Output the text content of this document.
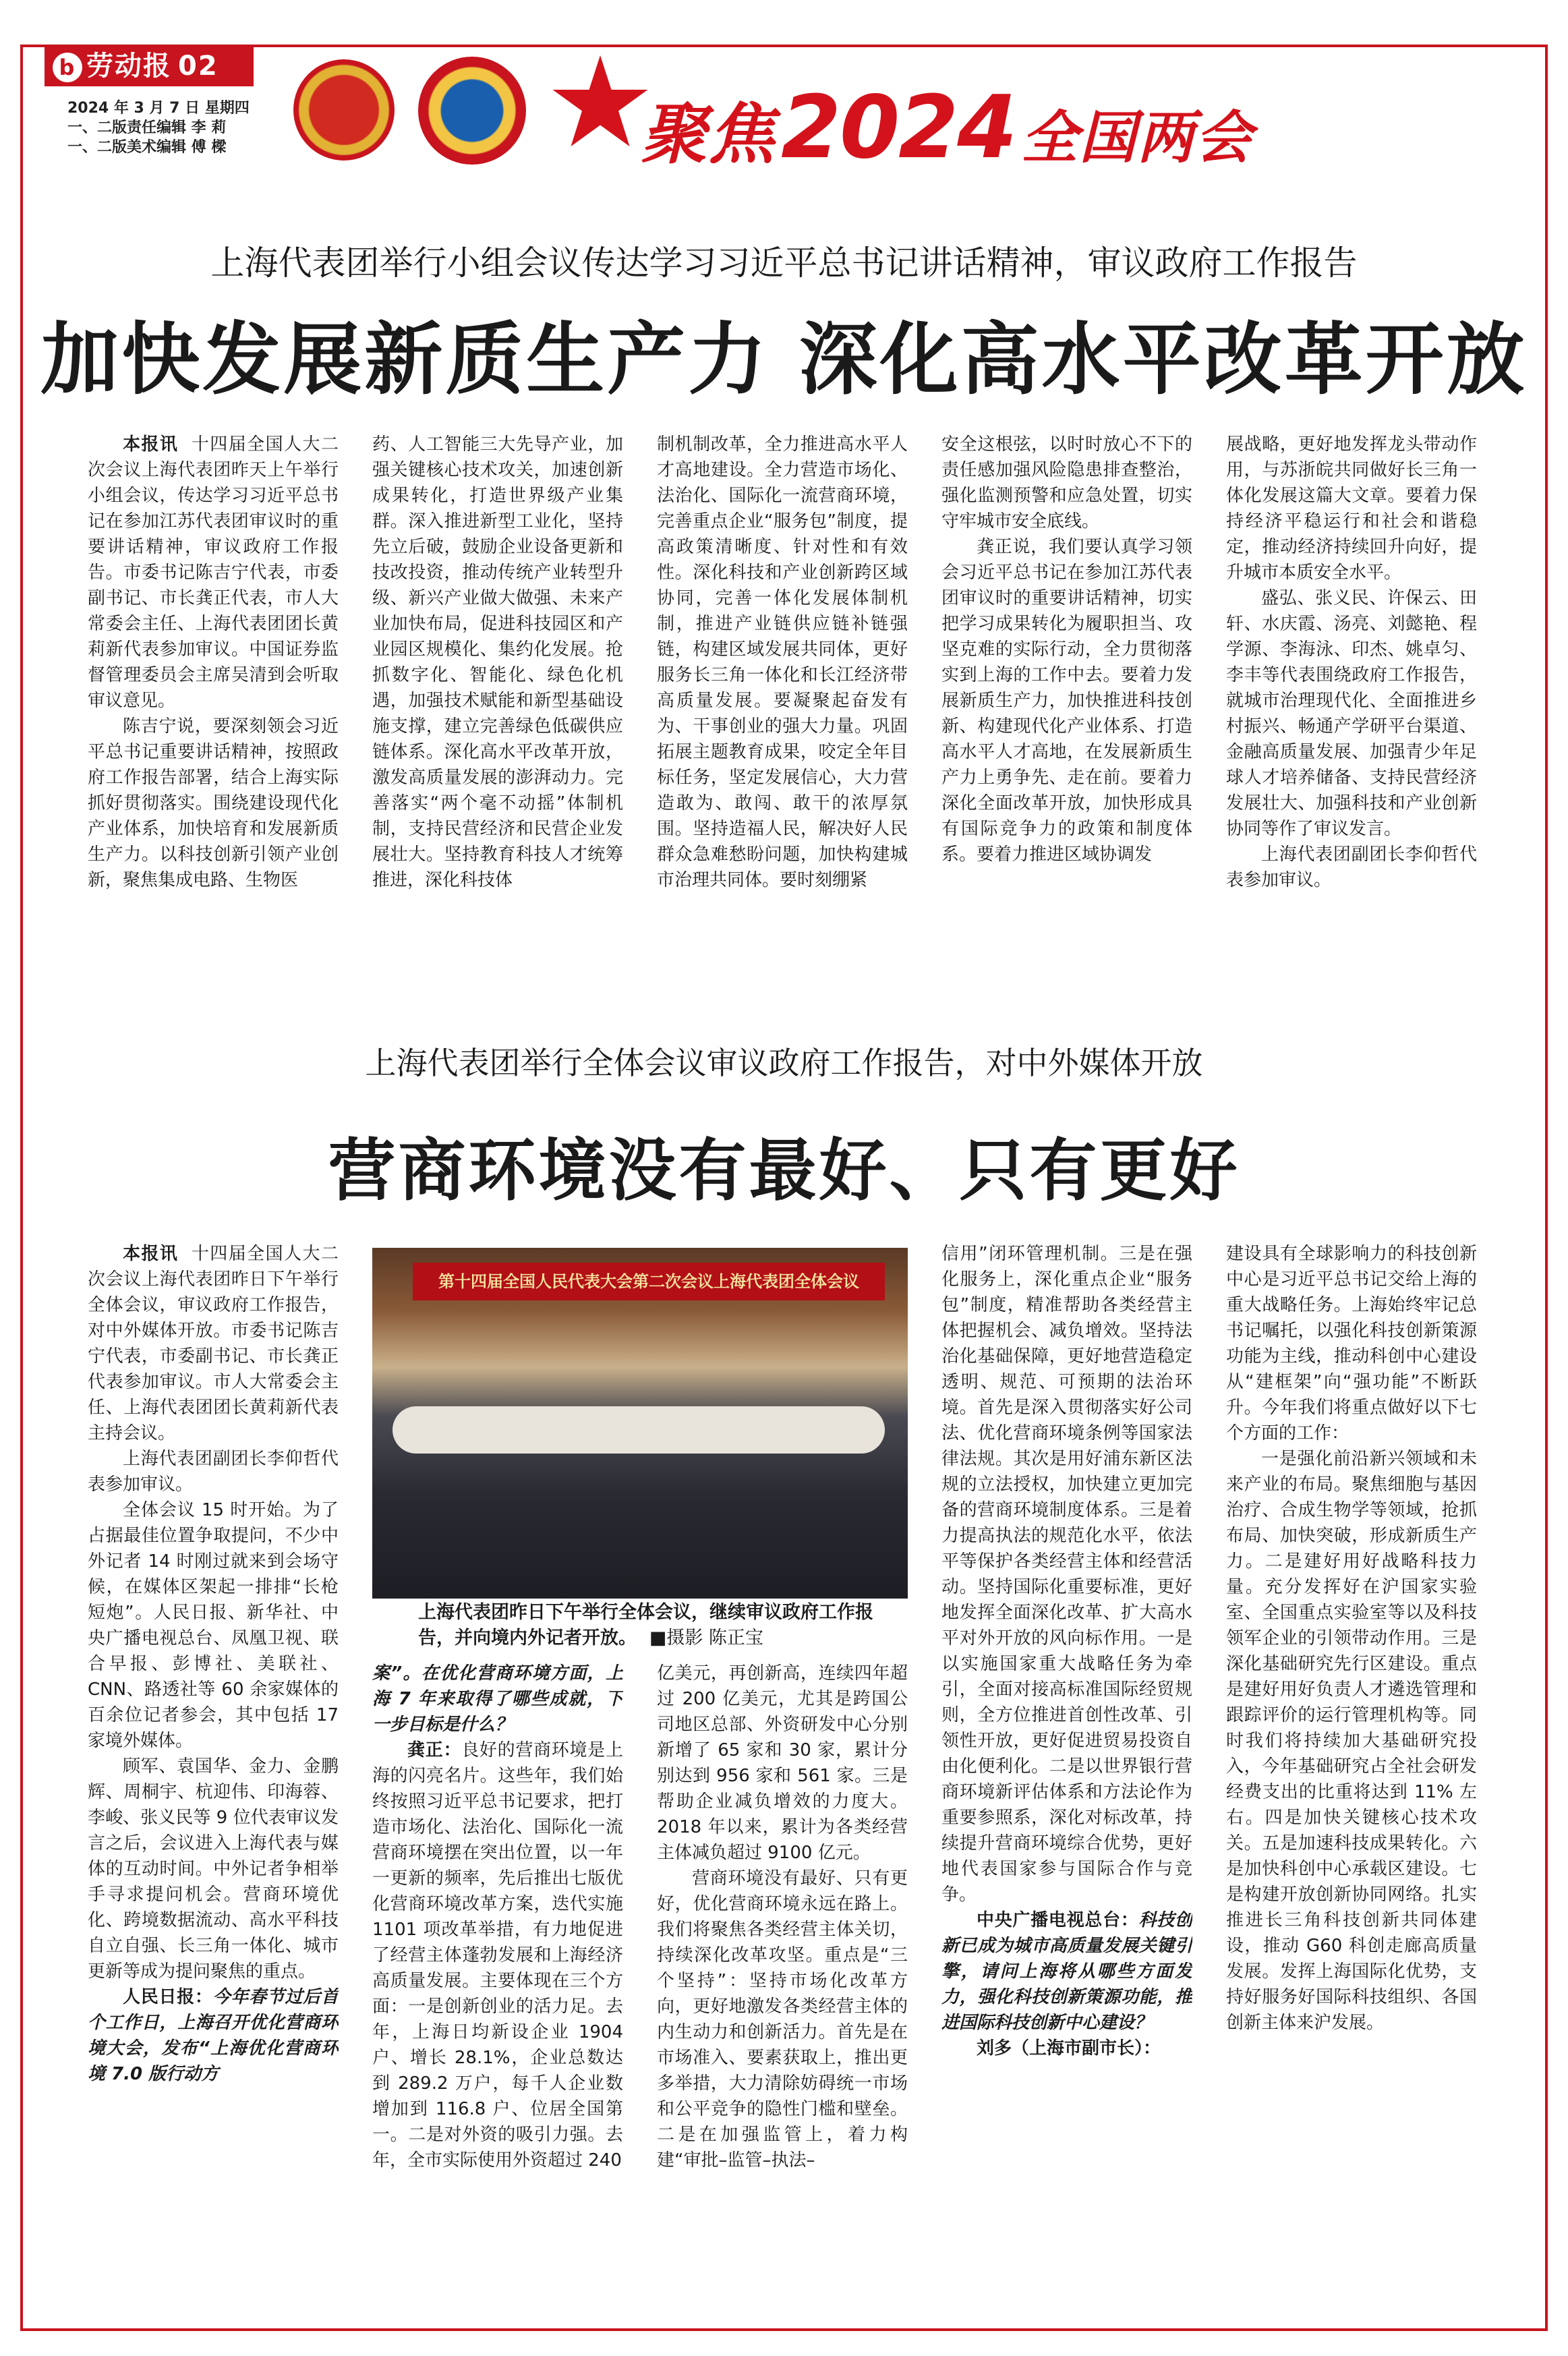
b 劳动报 02
2024 年 3 月 7 日 星期四
一、二版责任编辑 李 莉
一、二版美术编辑 傅 樑	聚焦2024全国两会
上海代表团举行小组会议传达学习习近平总书记讲话精神，审议政府工作报告
加快发展新质生产力 深化高水平改革开放

本报讯 十四届全国人大二次会议上海代表团昨天上午举行小组会议，传达学习习近平总书记在参加江苏代表团审议时的重要讲话精神，审议政府工作报告。市委书记陈吉宁代表，市委副书记、市长龚正代表，市人大常委会主任、上海代表团团长黄莉新代表参加审议。中国证券监督管理委员会主席吴清到会听取审议意见。

陈吉宁说，要深刻领会习近平总书记重要讲话精神，按照政府工作报告部署，结合上海实际抓好贯彻落实。围绕建设现代化产业体系，加快培育和发展新质生产力。以科技创新引领产业创新，聚焦集成电路、生物医

药、人工智能三大先导产业，加强关键核心技术攻关，加速创新成果转化，打造世界级产业集群。深入推进新型工业化，坚持先立后破，鼓励企业设备更新和技改投资，推动传统产业转型升级、新兴产业做大做强、未来产业加快布局，促进科技园区和产业园区规模化、集约化发展。抢抓数字化、智能化、绿色化机遇，加强技术赋能和新型基础设施支撑，建立完善绿色低碳供应链体系。深化高水平改革开放，激发高质量发展的澎湃动力。完善落实“两个毫不动摇”体制机制，支持民营经济和民营企业发展壮大。坚持教育科技人才统筹推进，深化科技体

制机制改革，全力推进高水平人才高地建设。全力营造市场化、法治化、国际化一流营商环境，完善重点企业“服务包”制度，提高政策清晰度、针对性和有效性。深化科技和产业创新跨区域协同，完善一体化发展体制机制，推进产业链供应链补链强链，构建区域发展共同体，更好服务长三角一体化和长江经济带高质量发展。要凝聚起奋发有为、干事创业的强大力量。巩固拓展主题教育成果，咬定全年目标任务，坚定发展信心，大力营造敢为、敢闯、敢干的浓厚氛围。坚持造福人民，解决好人民群众急难愁盼问题，加快构建城市治理共同体。要时刻绷紧

安全这根弦，以时时放心不下的责任感加强风险隐患排查整治，强化监测预警和应急处置，切实守牢城市安全底线。

龚正说，我们要认真学习领会习近平总书记在参加江苏代表团审议时的重要讲话精神，切实把学习成果转化为履职担当、攻坚克难的实际行动，全力贯彻落实到上海的工作中去。要着力发展新质生产力，加快推进科技创新、构建现代化产业体系、打造高水平人才高地，在发展新质生产力上勇争先、走在前。要着力深化全面改革开放，加快形成具有国际竞争力的政策和制度体系。要着力推进区域协调发

展战略，更好地发挥龙头带动作用，与苏浙皖共同做好长三角一体化发展这篇大文章。要着力保持经济平稳运行和社会和谐稳定，推动经济持续回升向好，提升城市本质安全水平。

盛弘、张义民、许保云、田轩、水庆霞、汤亮、刘懿艳、程学源、李海泳、印杰、姚卓匀、李丰等代表围绕政府工作报告，就城市治理现代化、全面推进乡村振兴、畅通产学研平台渠道、金融高质量发展、加强青少年足球人才培养储备、支持民营经济发展壮大、加强科技和产业创新协同等作了审议发言。

上海代表团副团长李仰哲代表参加审议。

上海代表团举行全体会议审议政府工作报告，对中外媒体开放
营商环境没有最好、只有更好
第十四届全国人民代表大会第二次会议上海代表团全体会议
上海代表团昨日下午举行全体会议，继续审议政府工作报告，并向境内外记者开放。 ■摄影 陈正宝

本报讯 十四届全国人大二次会议上海代表团昨日下午举行全体会议，审议政府工作报告，对中外媒体开放。市委书记陈吉宁代表，市委副书记、市长龚正代表参加审议。市人大常委会主任、上海代表团团长黄莉新代表主持会议。

上海代表团副团长李仰哲代表参加审议。

全体会议 15 时开始。为了占据最佳位置争取提问，不少中外记者 14 时刚过就来到会场守候，在媒体区架起一排排“长枪短炮”。人民日报、新华社、中央广播电视总台、凤凰卫视、联合早报、彭博社、美联社、CNN、路透社等 60 余家媒体的百余位记者参会，其中包括 17 家境外媒体。

顾军、袁国华、金力、金鹏辉、周桐宇、杭迎伟、印海蓉、李峻、张义民等 9 位代表审议发言之后，会议进入上海代表与媒体的互动时间。中外记者争相举手寻求提问机会。营商环境优化、跨境数据流动、高水平科技自立自强、长三角一体化、城市更新等成为提问聚焦的重点。

人民日报：今年春节过后首个工作日，上海召开优化营商环境大会，发布“上海优化营商环境 7.0 版行动方

案”。在优化营商环境方面，上海 7 年来取得了哪些成就，下一步目标是什么？

龚正：良好的营商环境是上海的闪亮名片。这些年，我们始终按照习近平总书记要求，把打造市场化、法治化、国际化一流营商环境摆在突出位置，以一年一更新的频率，先后推出七版优化营商环境改革方案，迭代实施 1101 项改革举措，有力地促进了经营主体蓬勃发展和上海经济高质量发展。主要体现在三个方面：一是创新创业的活力足。去年，上海日均新设企业 1904 户、增长 28.1%，企业总数达到 289.2 万户，每千人企业数增加到 116.8 户、位居全国第一。二是对外资的吸引力强。去年，全市实际使用外资超过 240

亿美元，再创新高，连续四年超过 200 亿美元，尤其是跨国公司地区总部、外资研发中心分别新增了 65 家和 30 家，累计分别达到 956 家和 561 家。三是帮助企业减负增效的力度大。2018 年以来，累计为各类经营主体减负超过 9100 亿元。

营商环境没有最好、只有更好，优化营商环境永远在路上。我们将聚焦各类经营主体关切，持续深化改革攻坚。重点是“三个坚持”：坚持市场化改革方向，更好地激发各类经营主体的内生动力和创新活力。首先是在市场准入、要素获取上，推出更多举措，大力清除妨碍统一市场和公平竞争的隐性门槛和壁垒。二是在加强监管上，着力构建“审批–监管–执法–

信用”闭环管理机制。三是在强化服务上，深化重点企业“服务包”制度，精准帮助各类经营主体把握机会、减负增效。坚持法治化基础保障，更好地营造稳定透明、规范、可预期的法治环境。首先是深入贯彻落实好公司法、优化营商环境条例等国家法律法规。其次是用好浦东新区法规的立法授权，加快建立更加完备的营商环境制度体系。三是着力提高执法的规范化水平，依法平等保护各类经营主体和经营活动。坚持国际化重要标准，更好地发挥全面深化改革、扩大高水平对外开放的风向标作用。一是以实施国家重大战略任务为牵引，全面对接高标准国际经贸规则，全方位推进首创性改革、引领性开放，更好促进贸易投资自由化便利化。二是以世界银行营商环境新评估体系和方法论作为重要参照系，深化对标改革，持续提升营商环境综合优势，更好地代表国家参与国际合作与竞争。

中央广播电视总台：科技创新已成为城市高质量发展关键引擎，请问上海将从哪些方面发力，强化科技创新策源功能，推进国际科技创新中心建设？

刘多（上海市副市长）：

建设具有全球影响力的科技创新中心是习近平总书记交给上海的重大战略任务。上海始终牢记总书记嘱托，以强化科技创新策源功能为主线，推动科创中心建设从“建框架”向“强功能”不断跃升。今年我们将重点做好以下七个方面的工作：

一是强化前沿新兴领域和未来产业的布局。聚焦细胞与基因治疗、合成生物学等领域，抢抓布局、加快突破，形成新质生产力。二是建好用好战略科技力量。充分发挥好在沪国家实验室、全国重点实验室等以及科技领军企业的引领带动作用。三是深化基础研究先行区建设。重点是建好用好负责人才遴选管理和跟踪评价的运行管理机构等。同时我们将持续加大基础研究投入，今年基础研究占全社会研发经费支出的比重将达到 11% 左右。四是加快关键核心技术攻关。五是加速科技成果转化。六是加快科创中心承载区建设。七是构建开放创新协同网络。扎实推进长三角科技创新共同体建设，推动 G60 科创走廊高质量发展。发挥上海国际化优势，支持好服务好国际科技组织、各国创新主体来沪发展。
